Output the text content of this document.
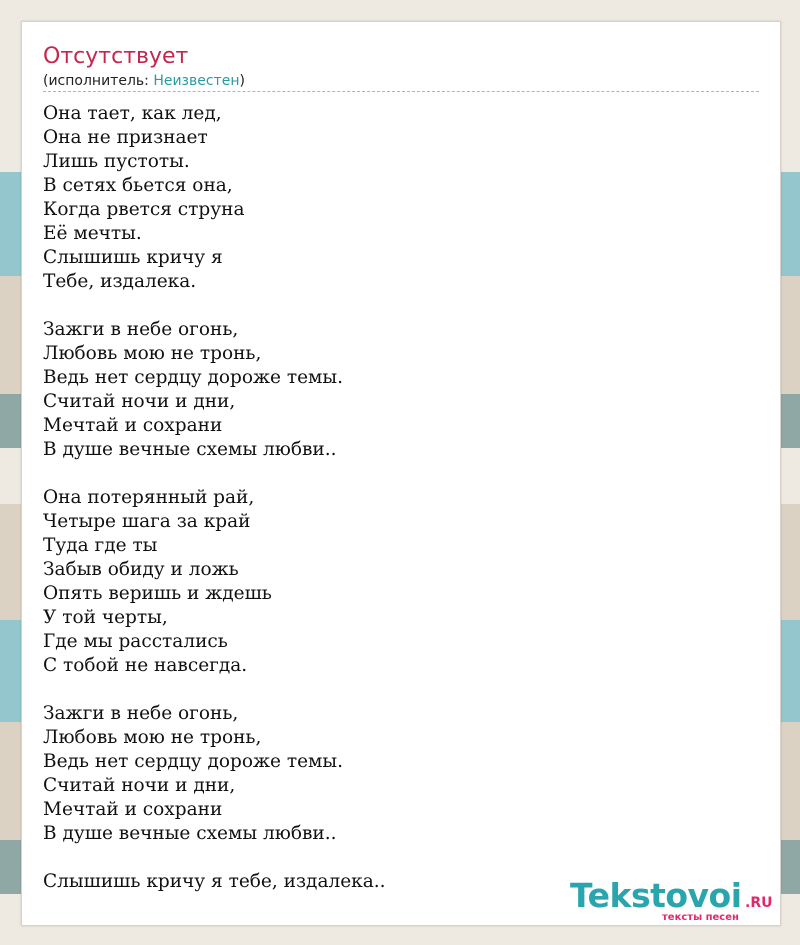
Отсутствует
(исполнитель: Неизвестен)
Она тает, как лед,
Она не признает
Лишь пустоты.
В сетях бьется она,
Когда рвется струна
Её мечты.
Слышишь кричу я
Тебе, издалека.
Зажги в небе огонь,
Любовь мою не тронь,
Ведь нет сердцу дороже темы.
Считай ночи и дни,
Мечтай и сохрани
В душе вечные схемы любви..
Она потерянный рай,
Четыре шага за край
Туда где ты
Забыв обиду и ложь
Опять веришь и ждешь
У той черты,
Где мы расстались
С тобой не навсегда.
Зажги в небе огонь,
Любовь мою не тронь,
Ведь нет сердцу дороже темы.
Считай ночи и дни,
Мечтай и сохрани
В душе вечные схемы любви..
Слышишь кричу я тебе, издалека..	Tekstovoi .RU
тексты песен
